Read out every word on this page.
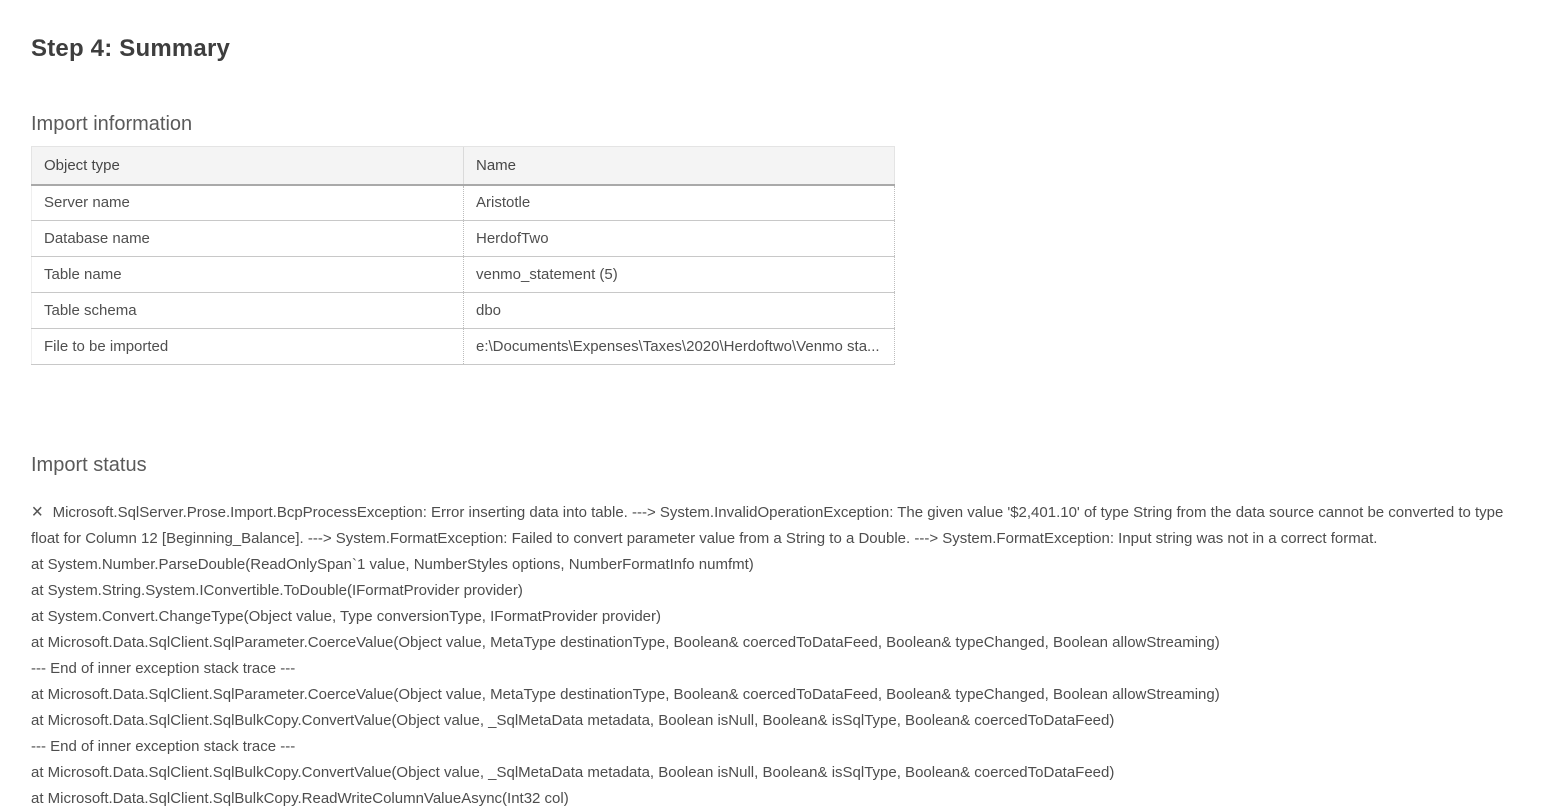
Step 4: Summary
Import information
Object type	Name
Server name	Aristotle
Database name	HerdofTwo
Table name	venmo_statement (5)
Table schema	dbo
File to be imported	e:\Documents\Expenses\Taxes\2020\Herdoftwo\Venmo sta...
Import status
✕ Microsoft.SqlServer.Prose.Import.BcpProcessException: Error inserting data into table. ---> System.InvalidOperationException: The given value '$2,401.10' of type String from the data source cannot be converted to type float for Column 12 [Beginning_Balance]. ---> System.FormatException: Failed to convert parameter value from a String to a Double. ---> System.FormatException: Input string was not in a correct format.
at System.Number.ParseDouble(ReadOnlySpan`1 value, NumberStyles options, NumberFormatInfo numfmt)
at System.String.System.IConvertible.ToDouble(IFormatProvider provider)
at System.Convert.ChangeType(Object value, Type conversionType, IFormatProvider provider)
at Microsoft.Data.SqlClient.SqlParameter.CoerceValue(Object value, MetaType destinationType, Boolean& coercedToDataFeed, Boolean& typeChanged, Boolean allowStreaming)
--- End of inner exception stack trace ---
at Microsoft.Data.SqlClient.SqlParameter.CoerceValue(Object value, MetaType destinationType, Boolean& coercedToDataFeed, Boolean& typeChanged, Boolean allowStreaming)
at Microsoft.Data.SqlClient.SqlBulkCopy.ConvertValue(Object value, _SqlMetaData metadata, Boolean isNull, Boolean& isSqlType, Boolean& coercedToDataFeed)
--- End of inner exception stack trace ---
at Microsoft.Data.SqlClient.SqlBulkCopy.ConvertValue(Object value, _SqlMetaData metadata, Boolean isNull, Boolean& isSqlType, Boolean& coercedToDataFeed)
at Microsoft.Data.SqlClient.SqlBulkCopy.ReadWriteColumnValueAsync(Int32 col)
